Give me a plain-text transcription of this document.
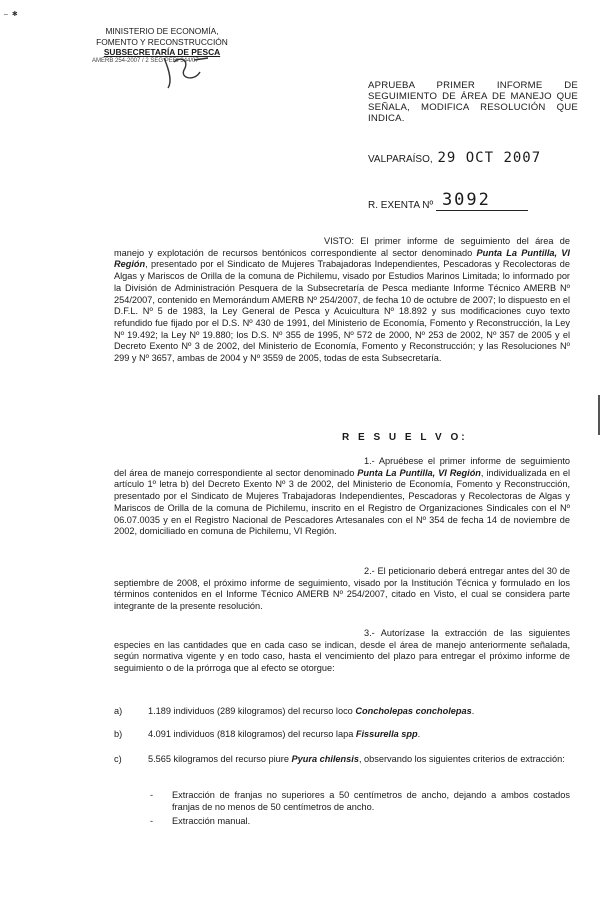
– ✱
MINISTERIO DE ECONOMÍA,
FOMENTO Y RECONSTRUCCIÓN
SUBSECRETARÍA DE PESCA
AMERB 254-2007 / 2 SEG PERI 344/07
APRUEBA PRIMER INFORME DE SEGUIMIENTO DE ÁREA DE MANEJO QUE SEÑALA, MODIFICA RESOLUCIÓN QUE INDICA.
VALPARAÍSO, 29 OCT 2007
R. EXENTA Nº 3092
VISTO: El primer informe de seguimiento del área de manejo y explotación de recursos bentónicos correspondiente al sector denominado Punta La Puntilla, VI Región, presentado por el Sindicato de Mujeres Trabajadoras Independientes, Pescadoras y Recolectoras de Algas y Mariscos de Orilla de la comuna de Pichilemu, visado por Estudios Marinos Limitada; lo informado por la División de Administración Pesquera de la Subsecretaría de Pesca mediante Informe Técnico AMERB Nº 254/2007, contenido en Memorándum AMERB Nº 254/2007, de fecha 10 de octubre de 2007; lo dispuesto en el D.F.L. Nº 5 de 1983, la Ley General de Pesca y Acuicultura Nº 18.892 y sus modificaciones cuyo texto refundido fue fijado por el D.S. Nº 430 de 1991, del Ministerio de Economía, Fomento y Reconstrucción, la Ley Nº 19.492; la Ley Nº 19.880; los D.S. Nº 355 de 1995, Nº 572 de 2000, Nº 253 de 2002, Nº 357 de 2005 y el Decreto Exento Nº 3 de 2002, del Ministerio de Economía, Fomento y Reconstrucción; y las Resoluciones Nº 299 y Nº 3657, ambas de 2004 y Nº 3559 de 2005, todas de esta Subsecretaría.
R E S U E L V O:
1.- Apruébese el primer informe de seguimiento del área de manejo correspondiente al sector denominado Punta La Puntilla, VI Región, individualizada en el artículo 1º letra b) del Decreto Exento Nº 3 de 2002, del Ministerio de Economía, Fomento y Reconstrucción, presentado por el Sindicato de Mujeres Trabajadoras Independientes, Pescadoras y Recolectoras de Algas y Mariscos de Orilla de la comuna de Pichilemu, inscrito en el Registro de Organizaciones Sindicales con el Nº 06.07.0035 y en el Registro Nacional de Pescadores Artesanales con el Nº 354 de fecha 14 de noviembre de 2002, domiciliado en comuna de Pichilemu, VI Región.
2.- El peticionario deberá entregar antes del 30 de septiembre de 2008, el próximo informe de seguimiento, visado por la Institución Técnica y formulado en los términos contenidos en el Informe Técnico AMERB Nº 254/2007, citado en Visto, el cual se considera parte integrante de la presente resolución.
3.- Autorízase la extracción de las siguientes especies en las cantidades que en cada caso se indican, desde el área de manejo anteriormente señalada, según normativa vigente y en todo caso, hasta el vencimiento del plazo para entregar el próximo informe de seguimiento o de la prórroga que al efecto se otorgue:
a)	1.189 individuos (289 kilogramos) del recurso loco Concholepas concholepas.
b)	4.091 individuos (818 kilogramos) del recurso lapa Fissurella spp.
c)	5.565 kilogramos del recurso piure Pyura chilensis, observando los siguientes criterios de extracción:
- Extracción de franjas no superiores a 50 centímetros de ancho, dejando a ambos costados franjas de no menos de 50 centímetros de ancho.
- Extracción manual.
